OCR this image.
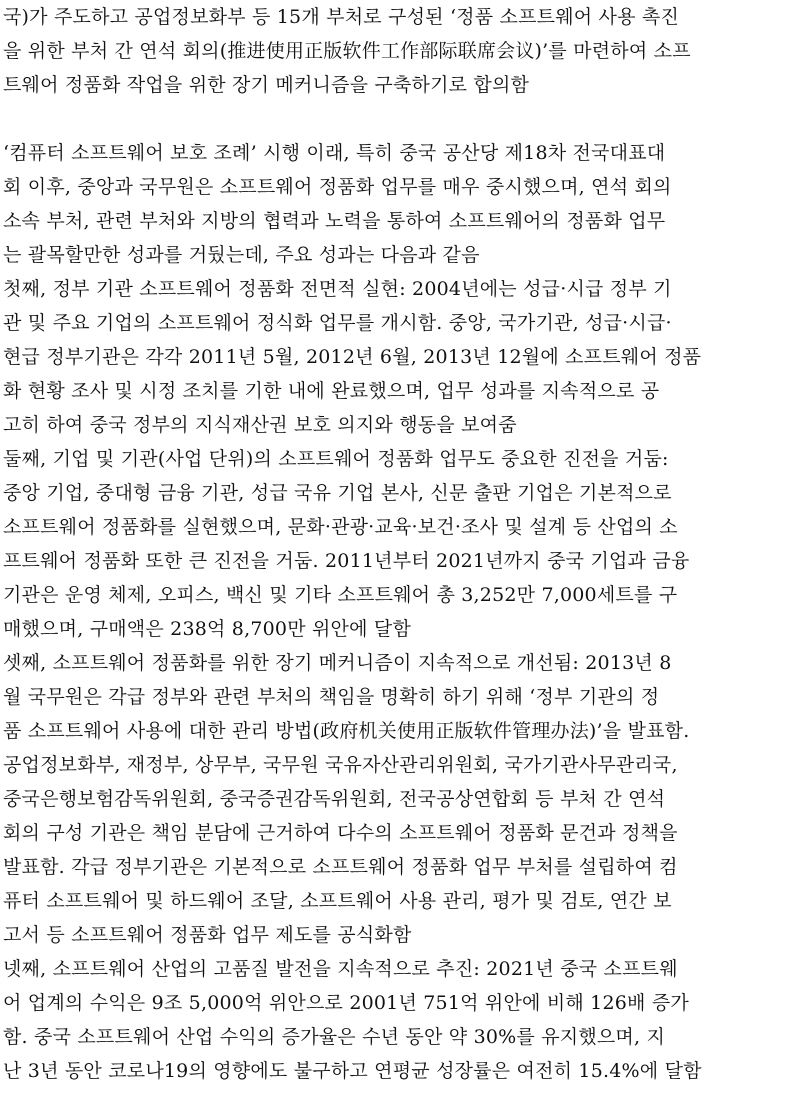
국)가 주도하고 공업정보화부 등 15개 부처로 구성된 ‘정품 소프트웨어 사용 촉진
을 위한 부처 간 연석 회의(推进使用正版软件工作部际联席会议)’를 마련하여 소프
트웨어 정품화 작업을 위한 장기 메커니즘을 구축하기로 합의함
‘컴퓨터 소프트웨어 보호 조례’ 시행 이래, 특히 중국 공산당 제18차 전국대표대
회 이후, 중앙과 국무원은 소프트웨어 정품화 업무를 매우 중시했으며, 연석 회의
소속 부처, 관련 부처와 지방의 협력과 노력을 통하여 소프트웨어의 정품화 업무
는 괄목할만한 성과를 거뒀는데, 주요 성과는 다음과 같음
첫째, 정부 기관 소프트웨어 정품화 전면적 실현: 2004년에는 성급·시급 정부 기
관 및 주요 기업의 소프트웨어 정식화 업무를 개시함. 중앙, 국가기관, 성급·시급·
현급 정부기관은 각각 2011년 5월, 2012년 6월, 2013년 12월에 소프트웨어 정품
화 현황 조사 및 시정 조치를 기한 내에 완료했으며, 업무 성과를 지속적으로 공
고히 하여 중국 정부의 지식재산권 보호 의지와 행동을 보여줌
둘째, 기업 및 기관(사업 단위)의 소프트웨어 정품화 업무도 중요한 진전을 거둠:
중앙 기업, 중대형 금융 기관, 성급 국유 기업 본사, 신문 출판 기업은 기본적으로
소프트웨어 정품화를 실현했으며, 문화·관광·교육·보건·조사 및 설계 등 산업의 소
프트웨어 정품화 또한 큰 진전을 거둠. 2011년부터 2021년까지 중국 기업과 금융
기관은 운영 체제, 오피스, 백신 및 기타 소프트웨어 총 3,252만 7,000세트를 구
매했으며, 구매액은 238억 8,700만 위안에 달함
셋째, 소프트웨어 정품화를 위한 장기 메커니즘이 지속적으로 개선됨: 2013년 8
월 국무원은 각급 정부와 관련 부처의 책임을 명확히 하기 위해 ‘정부 기관의 정
품 소프트웨어 사용에 대한 관리 방법(政府机关使用正版软件管理办法)’을 발표함.
공업정보화부, 재정부, 상무부, 국무원 국유자산관리위원회, 국가기관사무관리국,
중국은행보험감독위원회, 중국증권감독위원회, 전국공상연합회 등 부처 간 연석
회의 구성 기관은 책임 분담에 근거하여 다수의 소프트웨어 정품화 문건과 정책을
발표함. 각급 정부기관은 기본적으로 소프트웨어 정품화 업무 부처를 설립하여 컴
퓨터 소프트웨어 및 하드웨어 조달, 소프트웨어 사용 관리, 평가 및 검토, 연간 보
고서 등 소프트웨어 정품화 업무 제도를 공식화함
넷째, 소프트웨어 산업의 고품질 발전을 지속적으로 추진: 2021년 중국 소프트웨
어 업계의 수익은 9조 5,000억 위안으로 2001년 751억 위안에 비해 126배 증가
함. 중국 소프트웨어 산업 수익의 증가율은 수년 동안 약 30%를 유지했으며, 지
난 3년 동안 코로나19의 영향에도 불구하고 연평균 성장률은 여전히 15.4%에 달함
